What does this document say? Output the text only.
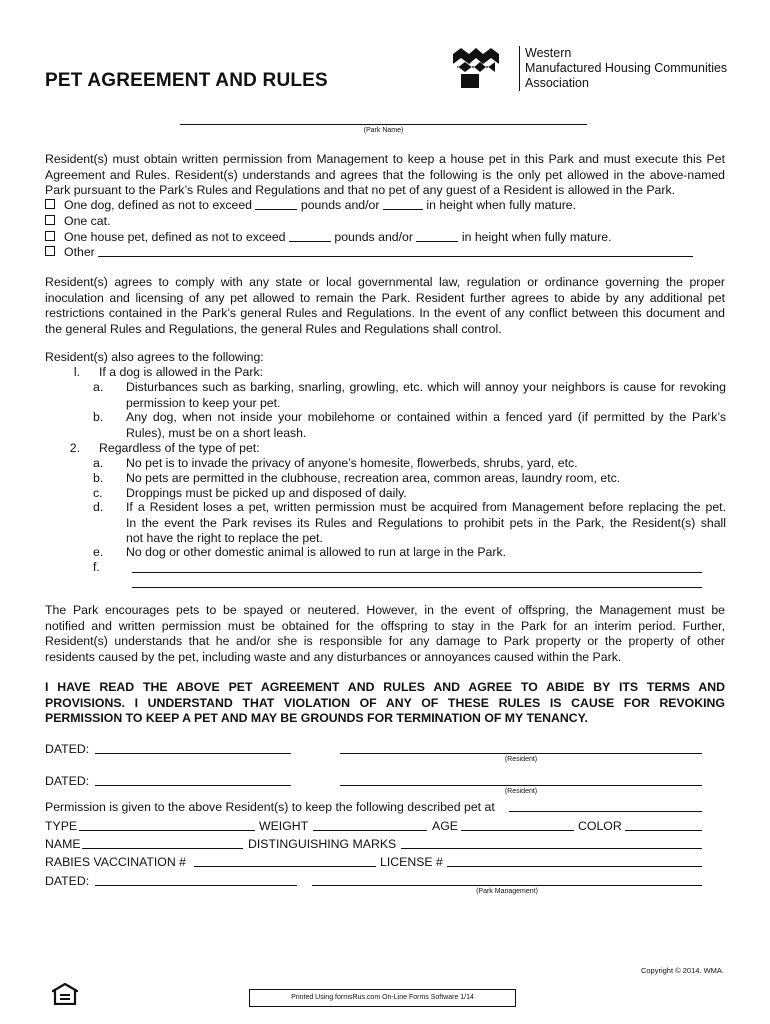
PET AGREEMENT AND RULES
Western
Manufactured Housing Communities
Association
(Park Name)
Resident(s) must obtain written permission from Management to keep a house pet in this Park and must execute this Pet
Agreement and Rules. Resident(s) understands and agrees that the following is the only pet allowed in the above-named
Park pursuant to the Park’s Rules and Regulations and that no pet of any guest of a Resident is allowed in the Park.
One dog, defined as not to exceed	pounds and/or	in height when fully mature.
One cat.
One house pet, defined as not to exceed	pounds and/or	in height when fully mature.
Other
Resident(s) agrees to comply with any state or local governmental law, regulation or ordinance governing the proper
inoculation and licensing of any pet allowed to remain the Park. Resident further agrees to abide by any additional pet
restrictions contained in the Park’s general Rules and Regulations. In the event of any conflict between this document and
the general Rules and Regulations, the general Rules and Regulations shall control.
Resident(s) also agrees to the following:
l. If a dog is allowed in the Park:
a.	Disturbances such as barking, snarling, growling, etc. which will annoy your neighbors is cause for revoking
permission to keep your pet.
b.	Any dog, when not inside your mobilehome or contained within a fenced yard (if permitted by the Park’s
Rules), must be on a short leash.
2. Regardless of the type of pet:
a.	No pet is to invade the privacy of anyone’s homesite, flowerbeds, shrubs, yard, etc.
b.	No pets are permitted in the clubhouse, recreation area, common areas, laundry room, etc.
c.	Droppings must be picked up and disposed of daily.
d.	If a Resident loses a pet, written permission must be acquired from Management before replacing the pet.
In the event the Park revises its Rules and Regulations to prohibit pets in the Park, the Resident(s) shall
not have the right to replace the pet.
e.	No dog or other domestic animal is allowed to run at large in the Park.
f.
The Park encourages pets to be spayed or neutered. However, in the event of offspring, the Management must be
notified and written permission must be obtained for the offspring to stay in the Park for an interim period. Further,
Resident(s) understands that he and/or she is responsible for any damage to Park property or the property of other
residents caused by the pet, including waste and any disturbances or annoyances caused within the Park.
I HAVE READ THE ABOVE PET AGREEMENT AND RULES AND AGREE TO ABIDE BY ITS TERMS AND
PROVISIONS. I UNDERSTAND THAT VIOLATION OF ANY OF THESE RULES IS CAUSE FOR REVOKING
PERMISSION TO KEEP A PET AND MAY BE GROUNDS FOR TERMINATION OF MY TENANCY.
DATED:
(Resident)
DATED:
(Resident)
Permission is given to the above Resident(s) to keep the following described pet at
TYPE	WEIGHT	AGE	COLOR
NAME	DISTINGUISHING MARKS
RABIES VACCINATION #	LICENSE #
DATED:
(Park Management)
Copyright © 2014. WMA.
Printed Using formsRus.com On-Line Forms Software 1/14
